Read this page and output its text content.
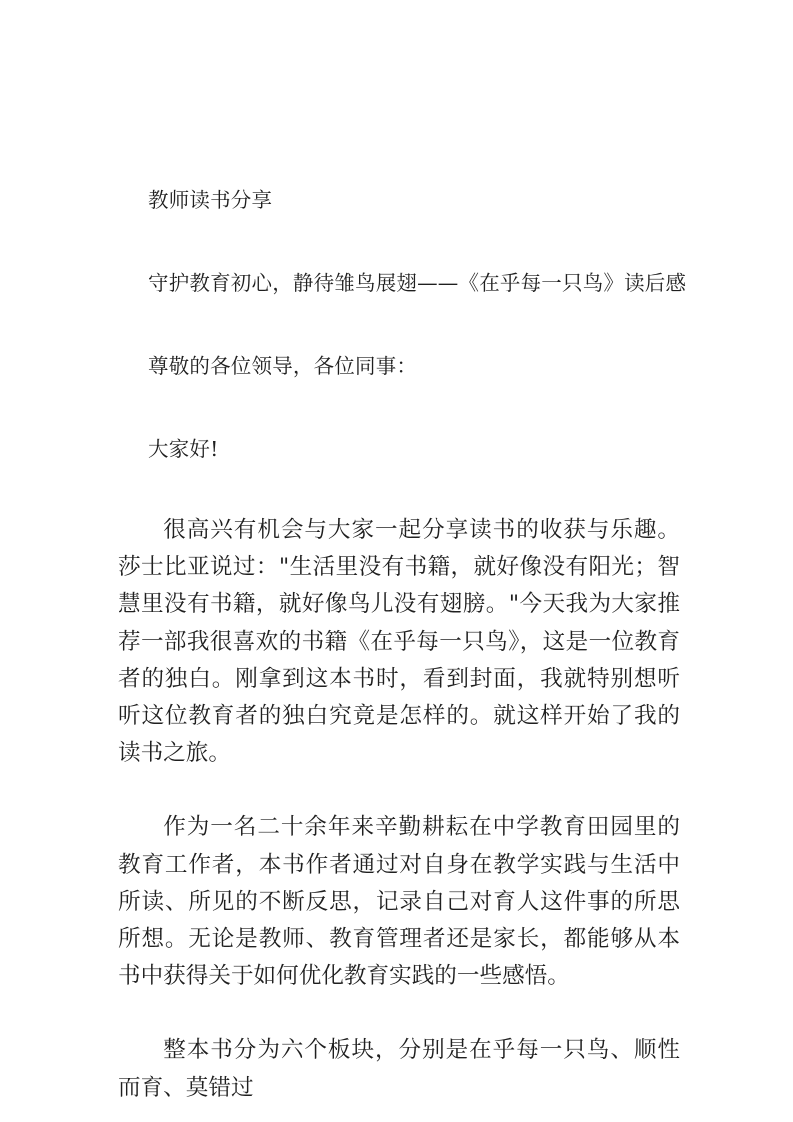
教师读书分享

守护教育初心，静待雏鸟展翅——《在乎每一只鸟》读后感

尊敬的各位领导，各位同事：

大家好!

很高兴有机会与大家一起分享读书的收获与乐趣。莎士比亚说过："生活里没有书籍，就好像没有阳光；智慧里没有书籍，就好像鸟儿没有翅膀。"今天我为大家推荐一部我很喜欢的书籍《在乎每一只鸟》，这是一位教育者的独白。刚拿到这本书时，看到封面，我就特别想听听这位教育者的独白究竟是怎样的。就这样开始了我的读书之旅。

作为一名二十余年来辛勤耕耘在中学教育田园里的教育工作者，本书作者通过对自身在教学实践与生活中所读、所见的不断反思，记录自己对育人这件事的所思所想。无论是教师、教育管理者还是家长，都能够从本书中获得关于如何优化教育实践的一些感悟。

整本书分为六个板块，分别是在乎每一只鸟、顺性而育、莫错过
